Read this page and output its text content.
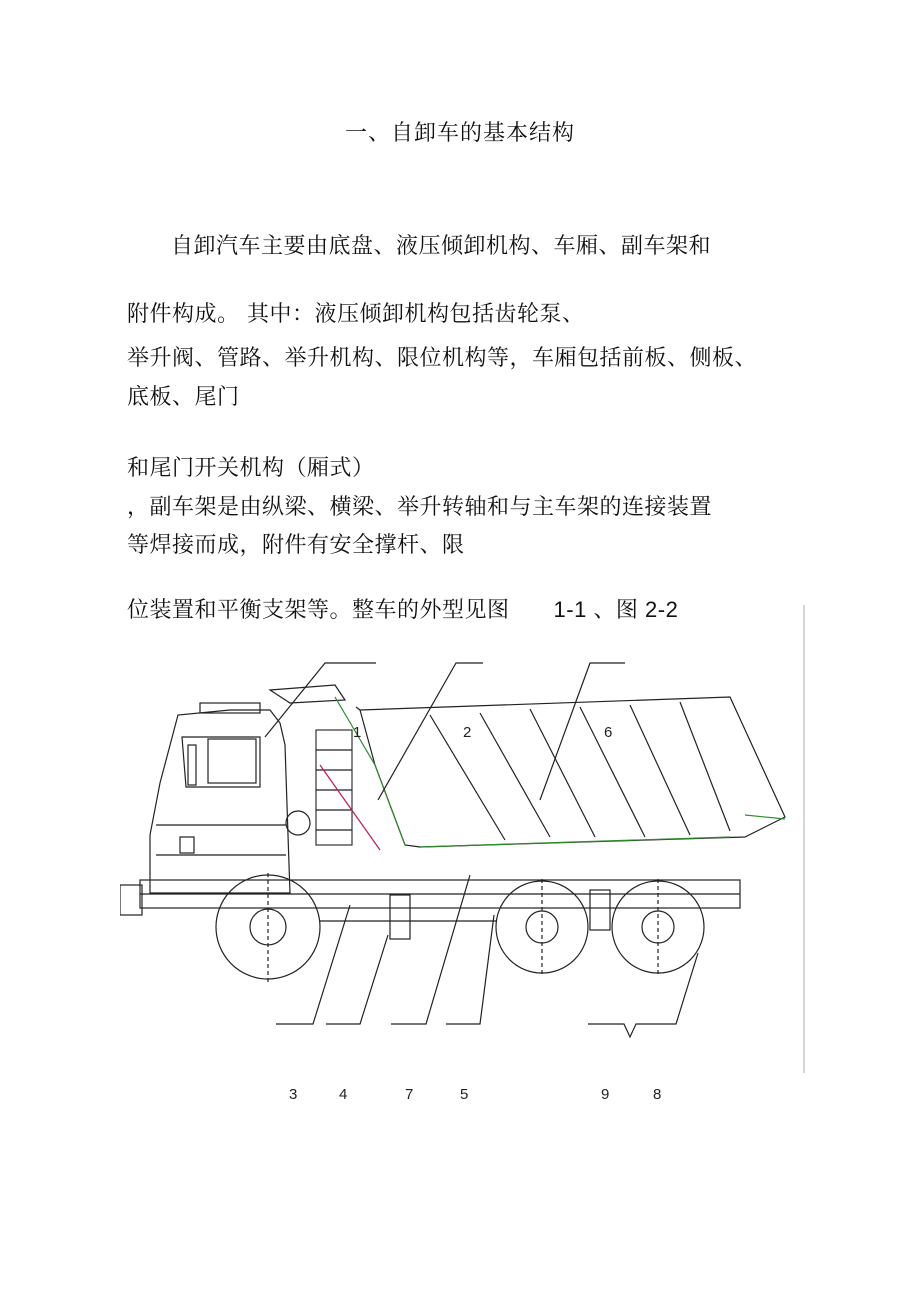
一、自卸车的基本结构
自卸汽车主要由底盘、液压倾卸机构、车厢、副车架和
附件构成。 其中：液压倾卸机构包括齿轮泵、
举升阀、管路、举升机构、限位机构等，车厢包括前板、侧板、
底板、尾门
和尾门开关机构（厢式）
，副车架是由纵梁、横梁、举升转轴和与主车架的连接装置
等焊接而成，附件有安全撑杆、限
位装置和平衡支架等。整车的外型见图 1-1 、图 2-2
1	2	6
3	4	7	5	9	8
